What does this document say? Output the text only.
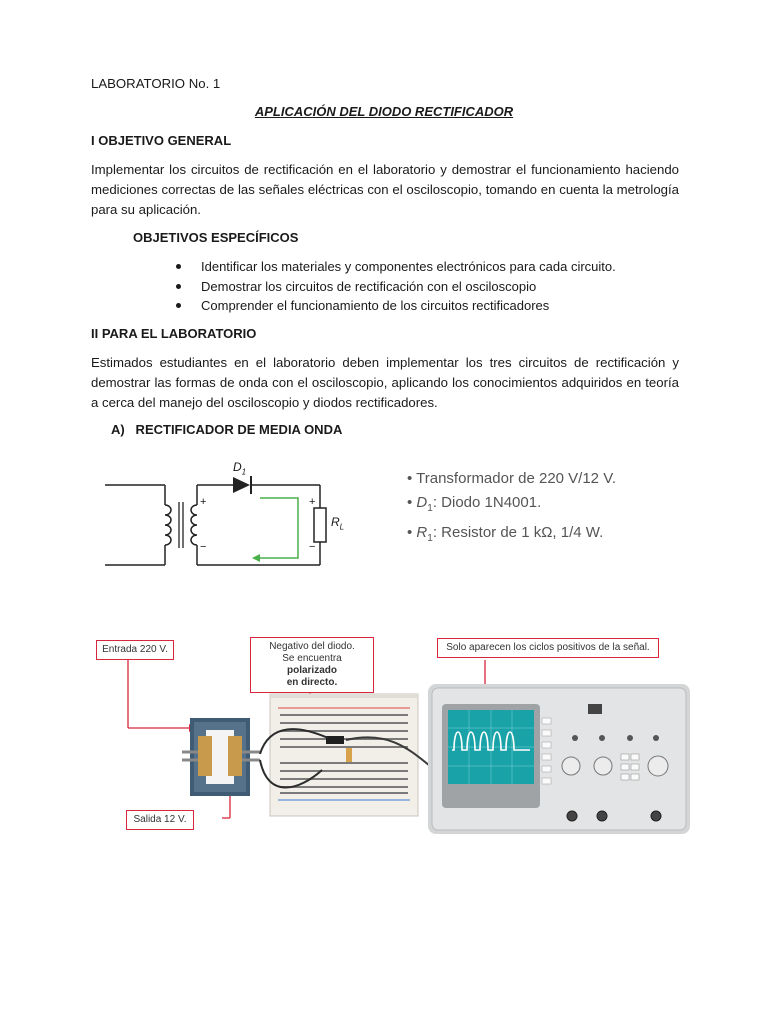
LABORATORIO No. 1
APLICACIÓN DEL DIODO RECTIFICADOR
I OBJETIVO GENERAL
Implementar los circuitos de rectificación en el laboratorio y demostrar el funcionamiento haciendo mediciones correctas de las señales eléctricas con el osciloscopio, tomando en cuenta la metrología para su aplicación.
OBJETIVOS ESPECÍFICOS
Identificar los materiales y componentes electrónicos para cada circuito.
Demostrar los circuitos de rectificación con el osciloscopio
Comprender el funcionamiento de los circuitos rectificadores
II PARA EL LABORATORIO
Estimados estudiantes en el laboratorio deben implementar los tres circuitos de rectificación y demostrar las formas de onda con el osciloscopio, aplicando los conocimientos adquiridos en teoría a cerca del manejo del osciloscopio y diodos rectificadores.
A)   RECTIFICADOR DE MEDIA ONDA
$D_1$
+
−
+
−
$R_L$
• Transformador de 220 V/12 V.
• $D_1$: Diodo 1N4001.
• $R_1$: Resistor de 1 kΩ, 1/4 W.
Entrada 220 V.	Negativo del diodo.
Se encuentra polarizado
en directo.
Solo aparecen los ciclos positivos de la señal.
Salida 12 V.
